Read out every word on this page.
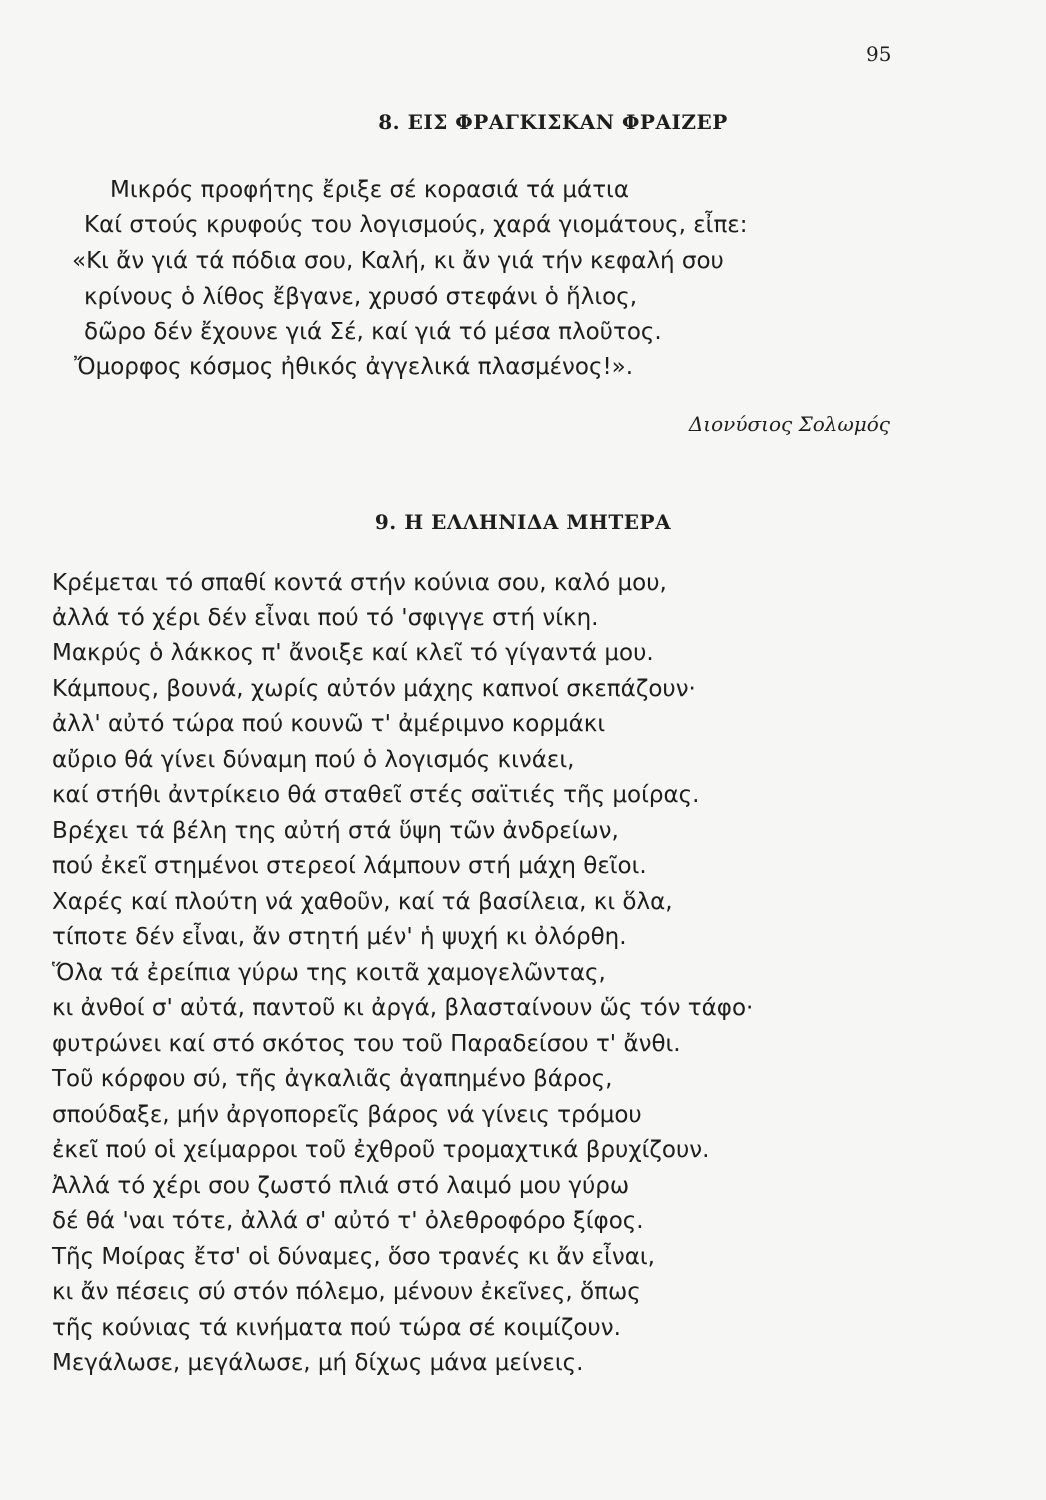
95
8. ΕΙΣ ΦΡΑΓΚΙΣΚΑΝ ΦΡΑΙΖΕΡ
Μικρός προφήτης ἔριξε σέ κορασιά τά μάτια
Καί στούς κρυφούς του λογισμούς, χαρά γιομάτους, εἶπε:
«Κι ἄν γιά τά πόδια σου, Καλή, κι ἄν γιά τήν κεφαλή σου
κρίνους ὁ λίθος ἔβγανε, χρυσό στεφάνι ὁ ἥλιος,
δῶρο δέν ἔχουνε γιά Σέ, καί γιά τό μέσα πλοῦτος.
Ὄμορφος κόσμος ἠθικός ἀγγελικά πλασμένος!».
Διονύσιος Σολωμός
9. Η ΕΛΛΗΝΙΔΑ ΜΗΤΕΡΑ
Κρέμεται τό σπαθί κοντά στήν κούνια σου, καλό μου,
ἀλλά τό χέρι δέν εἶναι πού τό 'σφιγγε στή νίκη.
Μακρύς ὁ λάκκος π' ἄνοιξε καί κλεῖ τό γίγαντά μου.
Κάμπους, βουνά, χωρίς αὐτόν μάχης καπνοί σκεπάζουν·
ἀλλ' αὐτό τώρα πού κουνῶ τ' ἀμέριμνο κορμάκι
αὔριο θά γίνει δύναμη πού ὁ λογισμός κινάει,
καί στήθι ἀντρίκειο θά σταθεῖ στές σαϊτιές τῆς μοίρας.
Βρέχει τά βέλη της αὐτή στά ὕψη τῶν ἀνδρείων,
πού ἐκεῖ στημένοι στερεοί λάμπουν στή μάχη θεῖοι.
Χαρές καί πλούτη νά χαθοῦν, καί τά βασίλεια, κι ὅλα,
τίποτε δέν εἶναι, ἄν στητή μέν' ἡ ψυχή κι ὀλόρθη.
Ὅλα τά ἐρείπια γύρω της κοιτᾶ χαμογελῶντας,
κι ἀνθοί σ' αὐτά, παντοῦ κι ἀργά, βλασταίνουν ὥς τόν τάφο·
φυτρώνει καί στό σκότος του τοῦ Παραδείσου τ' ἄνθι.
Τοῦ κόρφου σύ, τῆς ἀγκαλιᾶς ἀγαπημένο βάρος,
σπούδαξε, μήν ἀργοπορεῖς βάρος νά γίνεις τρόμου
ἐκεῖ πού οἱ χείμαρροι τοῦ ἐχθροῦ τρομαχτικά βρυχίζουν.
Ἀλλά τό χέρι σου ζωστό πλιά στό λαιμό μου γύρω
δέ θά 'ναι τότε, ἀλλά σ' αὐτό τ' ὀλεθροφόρο ξίφος.
Τῆς Μοίρας ἔτσ' οἱ δύναμες, ὅσο τρανές κι ἄν εἶναι,
κι ἄν πέσεις σύ στόν πόλεμο, μένουν ἐκεῖνες, ὅπως
τῆς κούνιας τά κινήματα πού τώρα σέ κοιμίζουν.
Μεγάλωσε, μεγάλωσε, μή δίχως μάνα μείνεις.
